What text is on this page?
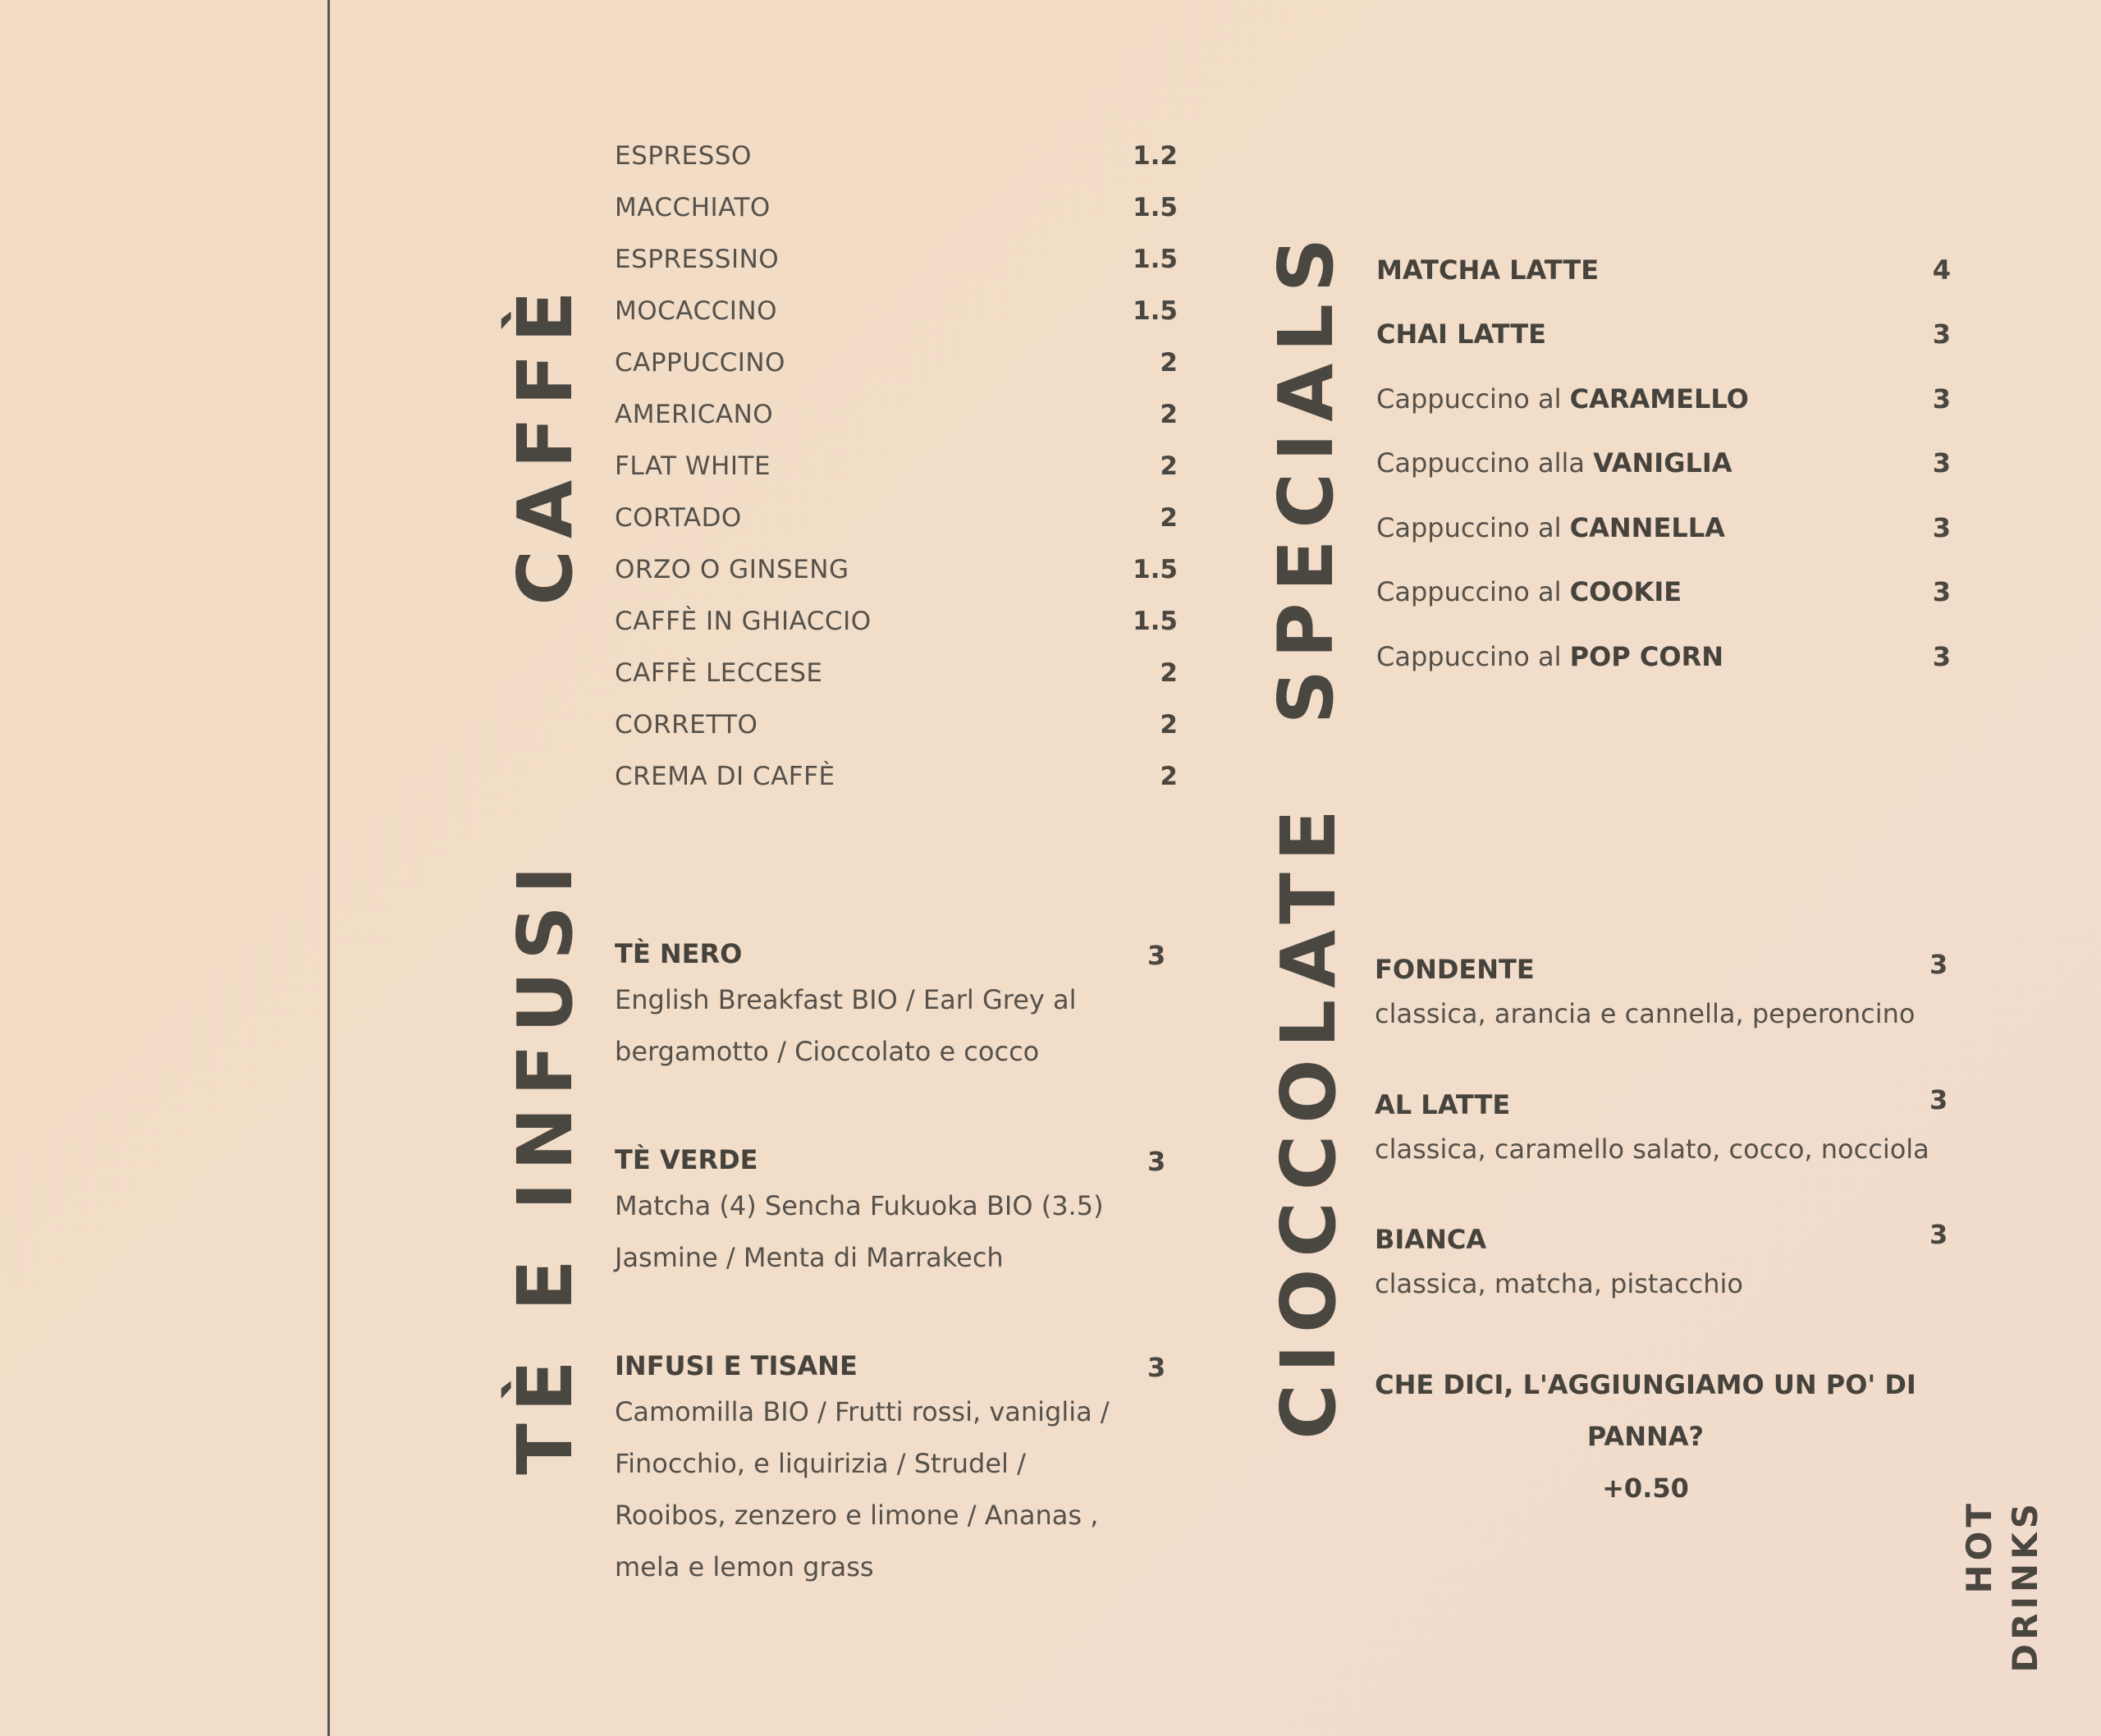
CAFFÈ	SPECIALS
TÈ E INFUSI	CIOCCOLATE
ESPRESSO	1.2
MACCHIATO	1.5
ESPRESSINO	1.5
MOCACCINO	1.5
CAPPUCCINO	2
AMERICANO	2
FLAT WHITE	2
CORTADO	2
ORZO O GINSENG	1.5
CAFFÈ IN GHIACCIO	1.5
CAFFÈ LECCESE	2
CORRETTO	2
CREMA DI CAFFÈ	2
MATCHA LATTE	4
CHAI LATTE	3
Cappuccino al CARAMELLO	3
Cappuccino alla VANIGLIA	3
Cappuccino al CANNELLA	3
Cappuccino al COOKIE	3
Cappuccino al POP CORN	3
TÈ NERO	3
English Breakfast BIO / Earl Grey al
bergamotto / Cioccolato e cocco
TÈ VERDE	3
Matcha (4) Sencha Fukuoka BIO (3.5)
Jasmine / Menta di Marrakech
INFUSI E TISANE	3
Camomilla BIO / Frutti rossi, vaniglia /
Finocchio, e liquirizia / Strudel /
Rooibos, zenzero e limone / Ananas ,
mela e lemon grass
FONDENTE	3
classica, arancia e cannella, peperoncino
AL LATTE	3
classica, caramello salato, cocco, nocciola
BIANCA	3
classica, matcha, pistacchio
CHE DICI, L'AGGIUNGIAMO UN PO' DI
PANNA?
+0.50
HOT DRINKS
